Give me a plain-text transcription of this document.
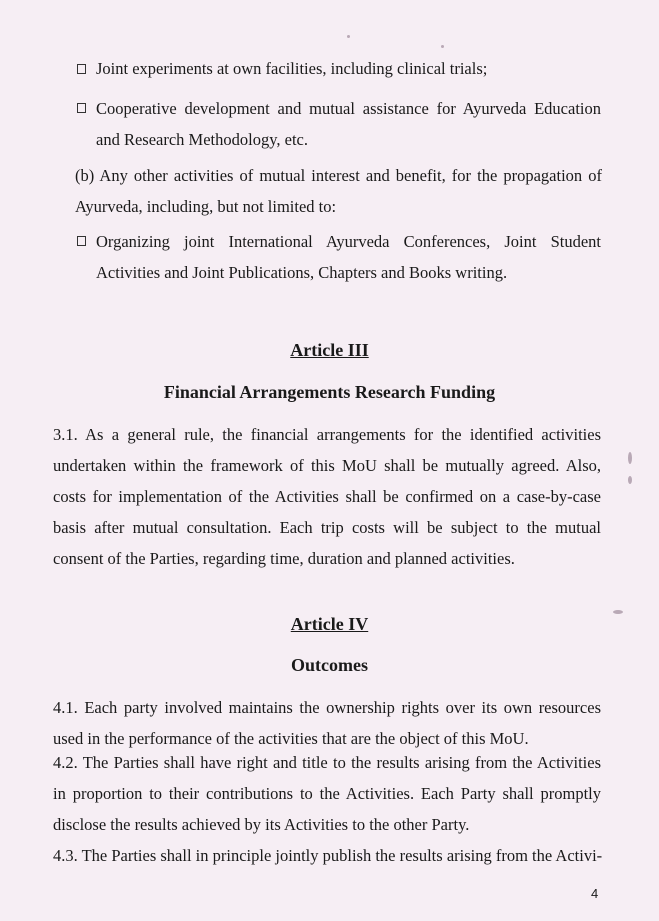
Joint experiments at own facilities, including clinical trials;

Cooperative development and mutual assistance for Ayurveda Education and Research Methodology, etc.

(b) Any other activities of mutual interest and benefit, for the propagation of Ayurveda, including, but not limited to:

Organizing joint International Ayurveda Conferences, Joint Student Activities and Joint Publications, Chapters and Books writing.

Article III
Financial Arrangements Research Funding

3.1. As a general rule, the financial arrangements for the identified activities undertaken within the framework of this MoU shall be mutually agreed. Also, costs for implementation of the Activities shall be confirmed on a case-by-case basis after mutual consultation. Each trip costs will be subject to the mutual consent of the Parties, regarding time, duration and planned activities.

Article IV
Outcomes

4.1. Each party involved maintains the ownership rights over its own resources used in the performance of the activities that are the object of this MoU.

4.2. The Parties shall have right and title to the results arising from the Activities in proportion to their contributions to the Activities. Each Party shall promptly disclose the results achieved by its Activities to the other Party.

4.3. The Parties shall in principle jointly publish the results arising from the Activi-

4
